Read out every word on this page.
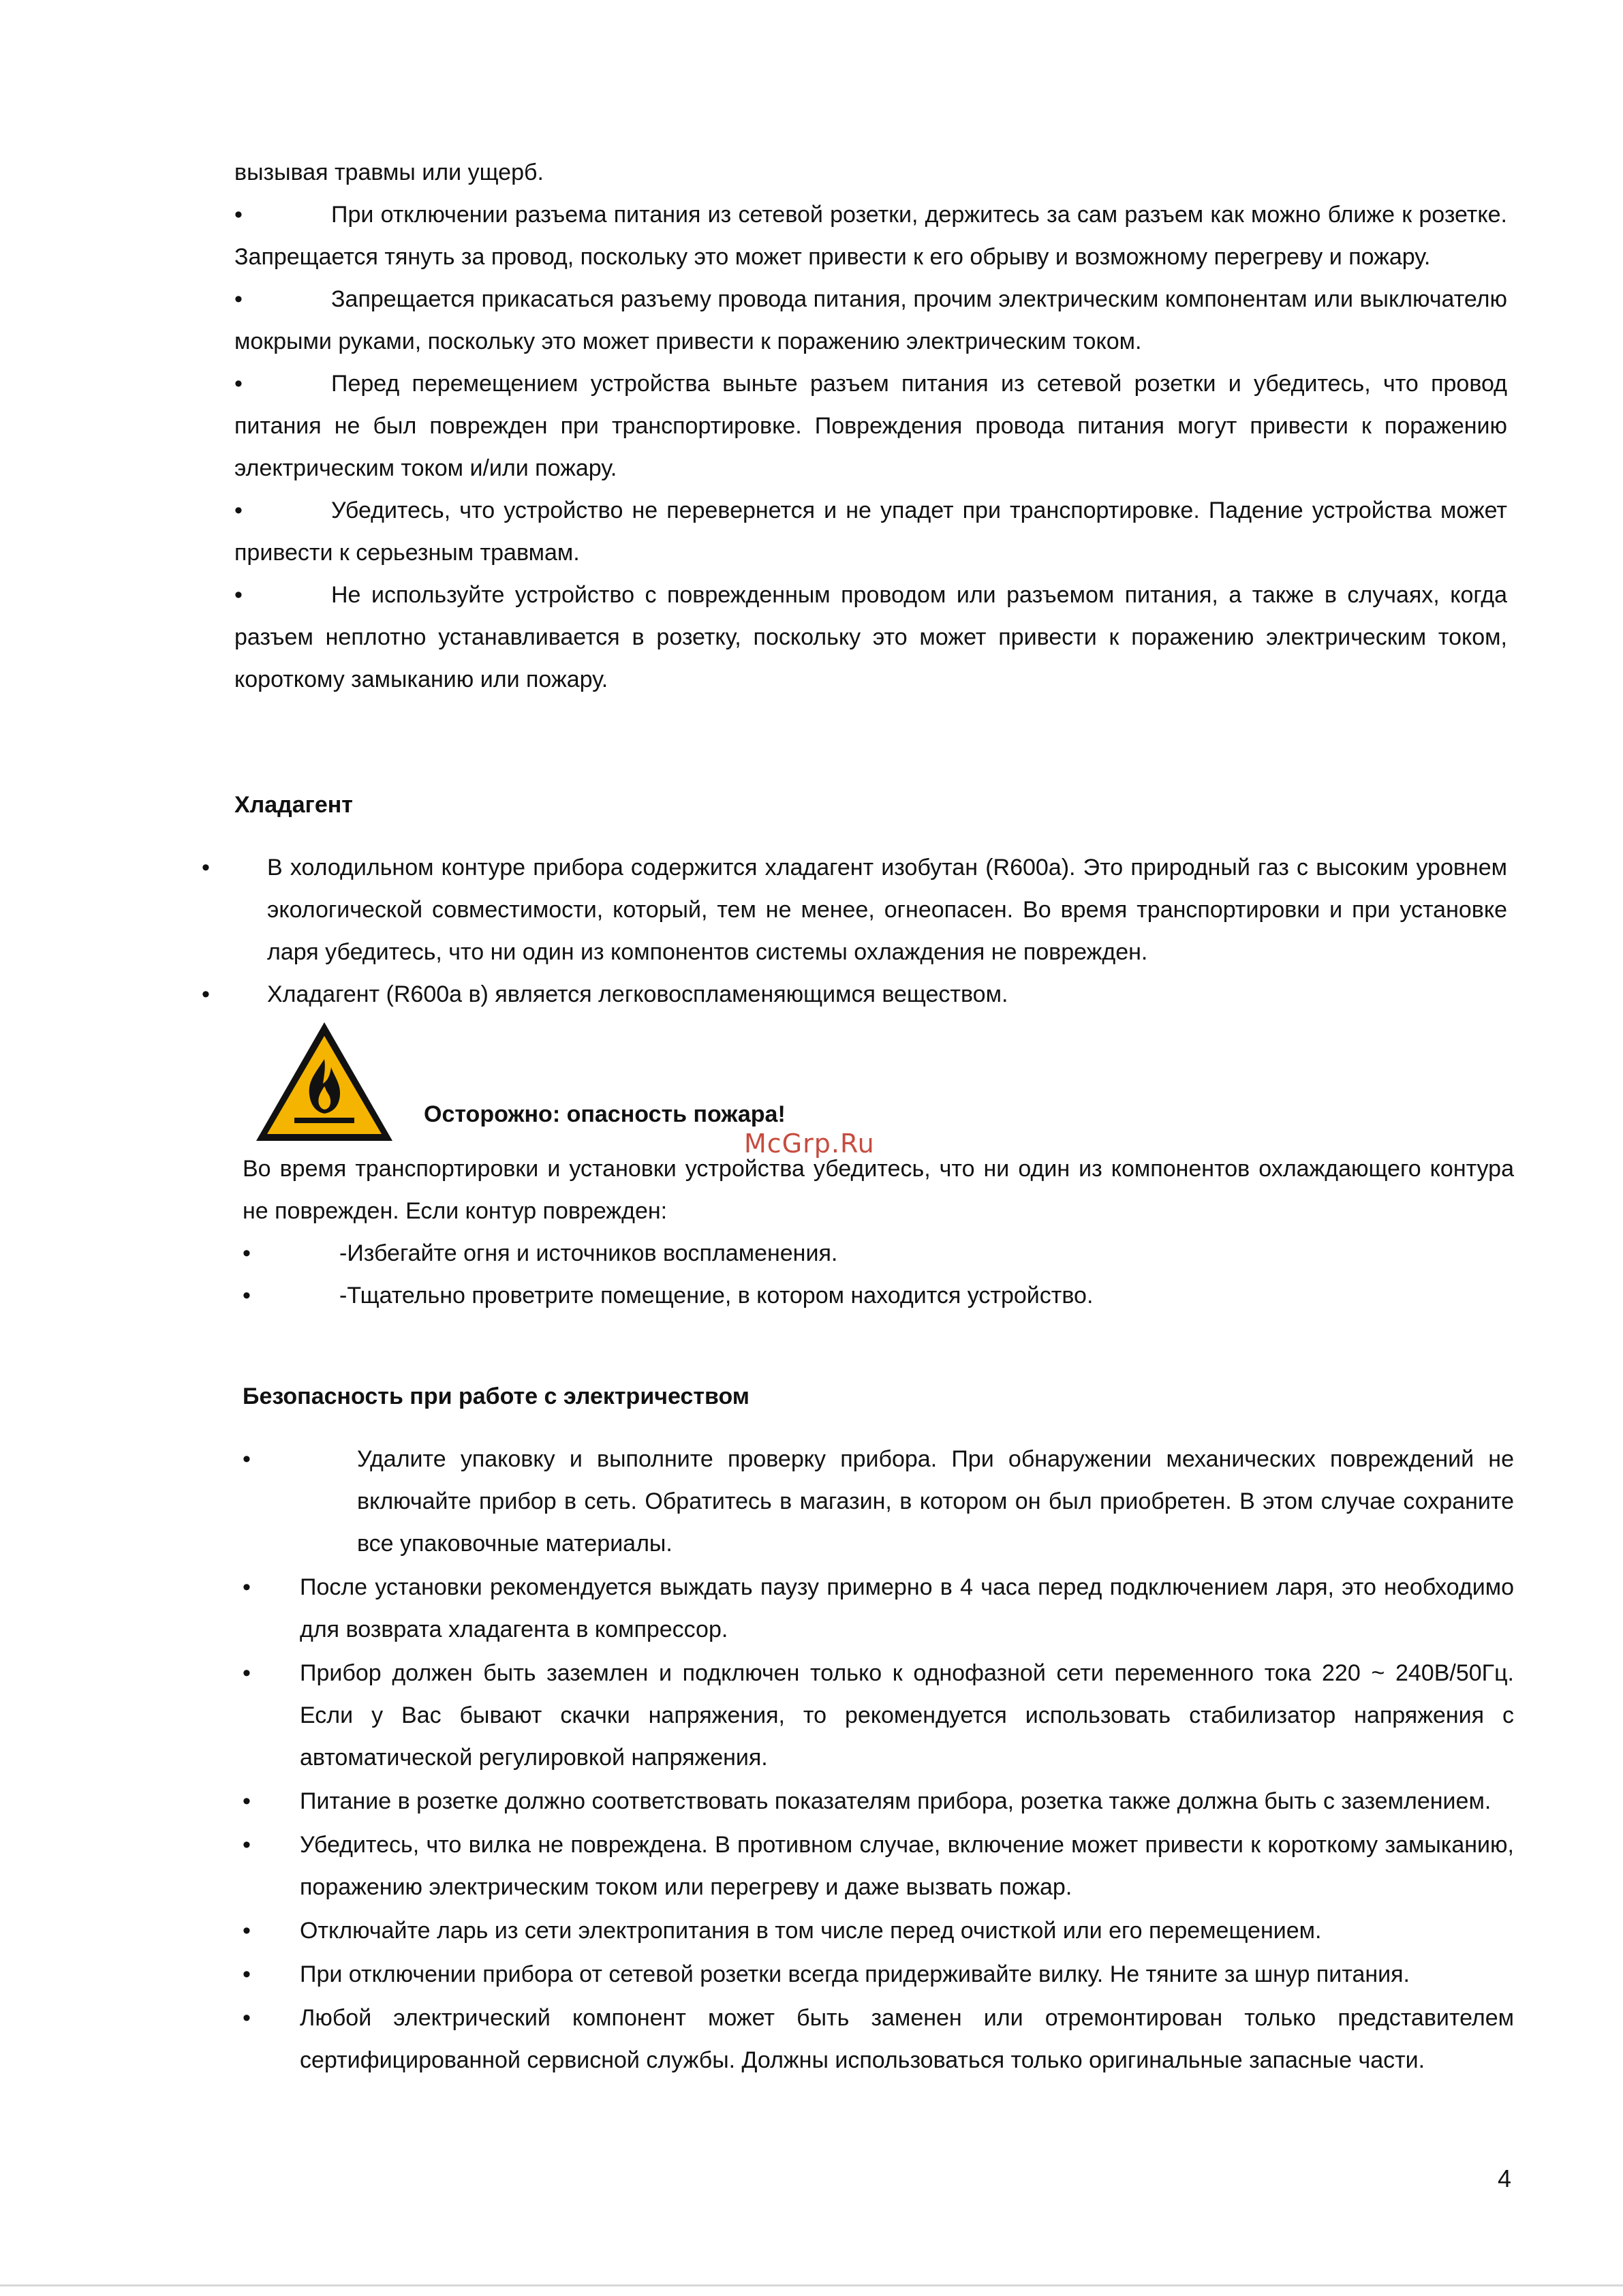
вызывая травмы или ущерб.

•	При отключении разъема питания из сетевой розетки, держитесь за сам разъем как можно ближе к розетке. Запрещается тянуть за провод, поскольку это может привести к его обрыву и возможному перегреву и пожару.

•	Запрещается прикасаться разъему провода питания, прочим электрическим компонентам или выключателю мокрыми руками, поскольку это может привести к поражению электрическим током.

•	Перед перемещением устройства выньте разъем питания из сетевой розетки и убедитесь, что провод питания не был поврежден при транспортировке. Повреждения провода питания могут привести к поражению электрическим током и/или пожару.

•	Убедитесь, что устройство не перевернется и не упадет при транспортировке. Падение устройства может привести к серьезным травмам.

•	Не используйте устройство с поврежденным проводом или разъемом питания, а также в случаях, когда разъем неплотно устанавливается в розетку, поскольку это может привести к поражению электрическим током, короткому замыканию или пожару.

Хладагент

• В холодильном контуре прибора содержится хладагент изобутан (R600a). Это природный газ с высоким уровнем экологической совместимости, который, тем не менее, огнеопасен. Во время транспортировки и при установке ларя убедитесь, что ни один из компонентов системы охлаждения не поврежден.

• Хладагент (R600a в) является легковоспламеняющимся веществом.

Осторожно: опасность пожара!

McGrp.Ru

Во время транспортировки и установки устройства убедитесь, что ни один из компонентов охлаждающего контура не поврежден. Если контур поврежден:

•	-Избегайте огня и источников воспламенения.

•	-Тщательно проветрите помещение, в котором находится устройство.

Безопасность при работе с электричеством

•	Удалите упаковку и выполните проверку прибора. При обнаружении механических повреждений не включайте прибор в сеть. Обратитесь в магазин, в котором он был приобретен. В этом случае сохраните все упаковочные материалы.

• После установки рекомендуется выждать паузу примерно в 4 часа перед подключением ларя, это необходимо для возврата хладагента в компрессор.

• Прибор должен быть заземлен и подключен только к однофазной сети переменного тока 220 ~ 240В/50Гц. Если у Вас бывают скачки напряжения, то рекомендуется использовать стабилизатор напряжения с автоматической регулировкой напряжения.

• Питание в розетке должно соответствовать показателям прибора, розетка также должна быть с заземлением.

• Убедитесь, что вилка не повреждена. В противном случае, включение может привести к короткому замыканию, поражению электрическим током или перегреву и даже вызвать пожар.

• Отключайте ларь из сети электропитания в том числе перед очисткой или его перемещением.

• При отключении прибора от сетевой розетки всегда придерживайте вилку. Не тяните за шнур питания.

• Любой электрический компонент может быть заменен или отремонтирован только представителем сертифицированной сервисной службы. Должны использоваться только оригинальные запасные части.

4
